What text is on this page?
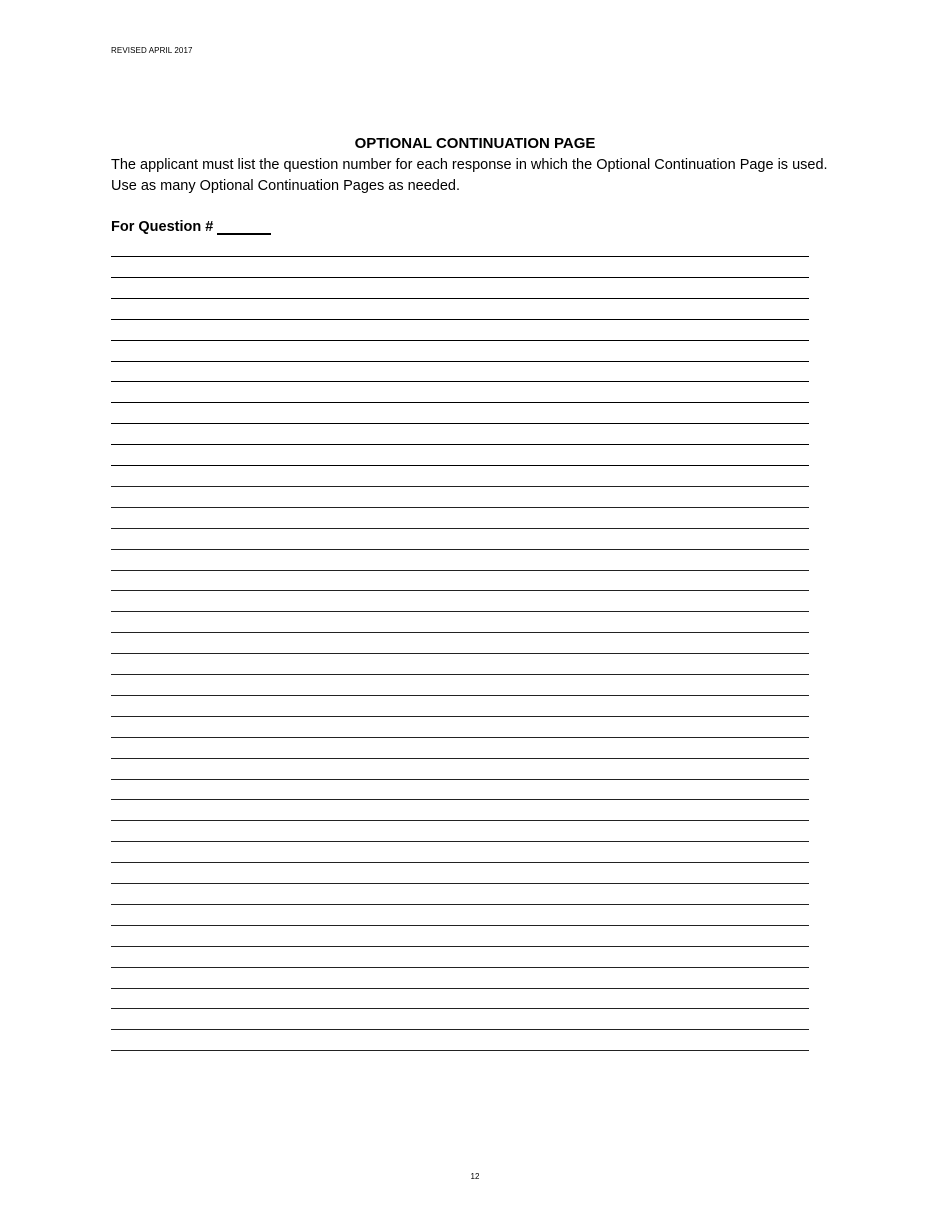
REVISED APRIL 2017
OPTIONAL CONTINUATION PAGE
The applicant must list the question number for each response in which the Optional Continuation Page is used. Use as many Optional Continuation Pages as needed.
For Question #
12
